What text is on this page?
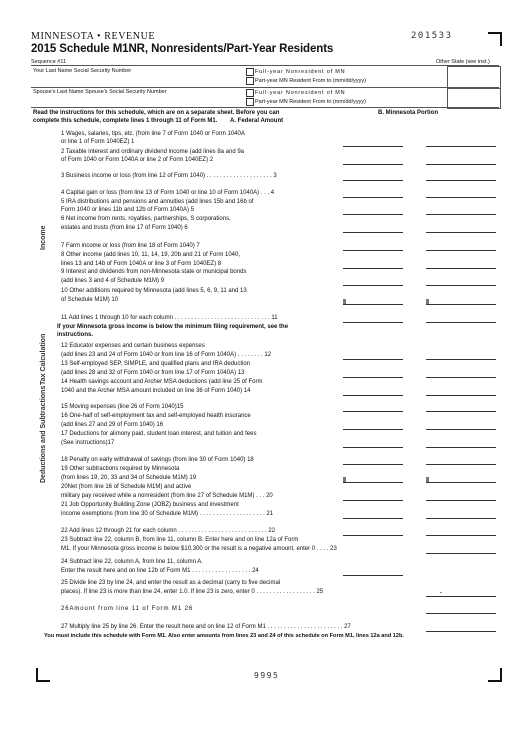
MINNESOTA • REVENUE
2015 Schedule M1NR, Nonresidents/Part-Year Residents
201533
Sequence #11	Other State (see inst.)
Your Last Name Social Security Number	Full-year Nonresident of MN
Part-year MN Resident From to (mm/dd/yyyy)
Spouse's Last Name Spouse's Social Security Number	Full-year Nonresident of MN
Part-year MN Resident From to (mm/dd/yyyy)
Read the instructions for this schedule, which are on a separate sheet. Before you can
complete this schedule, complete lines 1 through 11 of Form M1. A. Federal Amount
B. Minnesota Portion
Income
Deductions and Subtractions
Tax Calculation
1 Wages, salaries, tips, etc. (from line 7 of Form 1040 or Form 1040A
or line 1 of Form 1040EZ) 1
2 Taxable interest and ordinary dividend income (add lines 8a and 9a
of Form 1040 or Form 1040A or line 2 of Form 1040EZ) 2
3 Business income or loss (from line 12 of Form 1040) . . . . . . . . . . . . . . . . . . . . 3
4 Capital gain or loss (from line 13 of Form 1040 or line 10 of Form 1040A) . . . 4
5 IRA distributions and pensions and annuities (add lines 15b and 16b of
Form 1040 or lines 11b and 12b of Form 1040A) 5
6 Net income from rents, royalties, partnerships, S corporations,
estates and trusts (from line 17 of Form 1040) 6
7 Farm income or loss (from line 18 of Form 1040) 7
8 Other income (add lines 10, 11, 14, 19, 20b and 21 of Form 1040,
lines 13 and 14b of Form 1040A or line 3 of Form 1040EZ) 8
9 Interest and dividends from non-Minnesota state or municipal bonds
(add lines 3 and 4 of Schedule M1M) 9
10 Other additions required by Minnesota (add lines 5, 6, 9, 11 and 13
of Schedule M1M) 10
11 Add lines 1 through 10 for each column . . . . . . . . . . . . . . . . . . . . . . . . . . . . . 11
If your Minnesota gross income is below the minimum filing requirement, see the
instructions.
12 Educator expenses and certain business expenses
(add lines 23 and 24 of Form 1040 or from line 16 of Form 1040A) . . . . . . . . 12
13 Self-employed SEP, SIMPLE, and qualified plans and IRA deduction
(add lines 28 and 32 of Form 1040 or from line 17 of Form 1040A) 13
14 Health savings account and Archer MSA deductions (add line 25 of Form
1040 and the Archer MSA amount included on line 36 of Form 1040) 14
15 Moving expenses (line 26 of Form 1040)15
16 One-half of self-employment tax and self-employed health insurance
(add lines 27 and 29 of Form 1040) 16
17 Deductions for alimony paid, student loan interest, and tuition and fees
(See instructions)17
18 Penalty on early withdrawal of savings (from line 30 of Form 1040) 18
19 Other subtractions required by Minnesota
(from lines 19, 20, 33 and 34 of Schedule M1M) 19
20Net (from line 16 of Schedule M1M) and active
military pay received while a nonresident (from line 27 of Schedule M1M) . . . 20
21 Job Opportunity Building Zone (JOBZ) business and investment
income exemptions (from line 30 of Schedule M1M) . . . . . . . . . . . . . . . . . . . . 21
22 Add lines 12 through 21 for each column . . . . . . . . . . . . . . . . . . . . . . . . . . . 22
23 Subtract line 22, column B, from line 11, column B. Enter here and on line 12a of Form
M1. If your Minnesota gross income is below $10,300 or the result is a negative amount, enter 0 . . . . 23
24 Subtract line 22, column A, from line 11, column A.
Enter the result here and on line 12b of Form M1 . . . . . . . . . . . . . . . . . . 24
25 Divide line 23 by line 24, and enter the result as a decimal (carry to five decimal
places). If line 23 is more than line 24, enter 1.0. If line 23 is zero, enter 0 . . . . . . . . . . . . . . . . . . 25
26Amount from line 11 of Form M1 26
27 Multiply line 25 by line 26. Enter the result here and on line 12 of Form M1 . . . . . . . . . . . . . . . . . . . . . . . 27
.
You must include this schedule with Form M1. Also enter amounts from lines 23 and 24 of this schedule on Form M1, lines 12a and 12b.
9995
